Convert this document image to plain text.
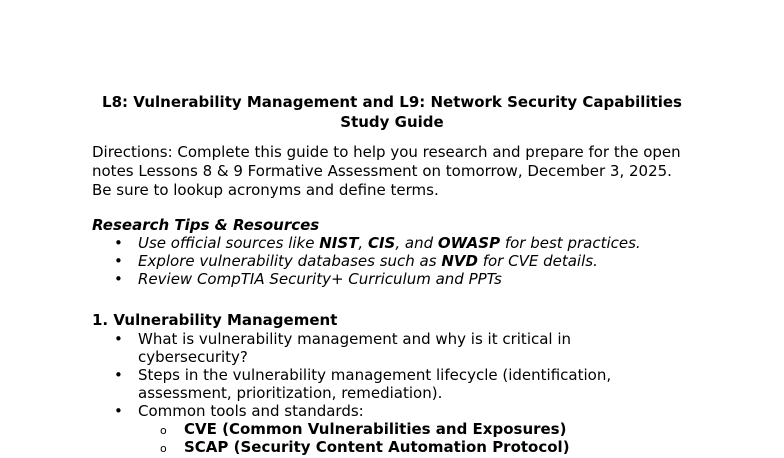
L8: Vulnerability Management and L9: Network Security Capabilities
Study Guide
Directions: Complete this guide to help you research and prepare for the open notes Lessons 8 & 9 Formative Assessment on tomorrow, December 3, 2025. Be sure to lookup acronyms and define terms.
Research Tips & Resources
• Use official sources like NIST, CIS, and OWASP for best practices.
• Explore vulnerability databases such as NVD for CVE details.
• Review CompTIA Security+ Curriculum and PPTs
1. Vulnerability Management
• What is vulnerability management and why is it critical in cybersecurity?
• Steps in the vulnerability management lifecycle (identification, assessment, prioritization, remediation).
• Common tools and standards:
o CVE (Common Vulnerabilities and Exposures)
o SCAP (Security Content Automation Protocol)
